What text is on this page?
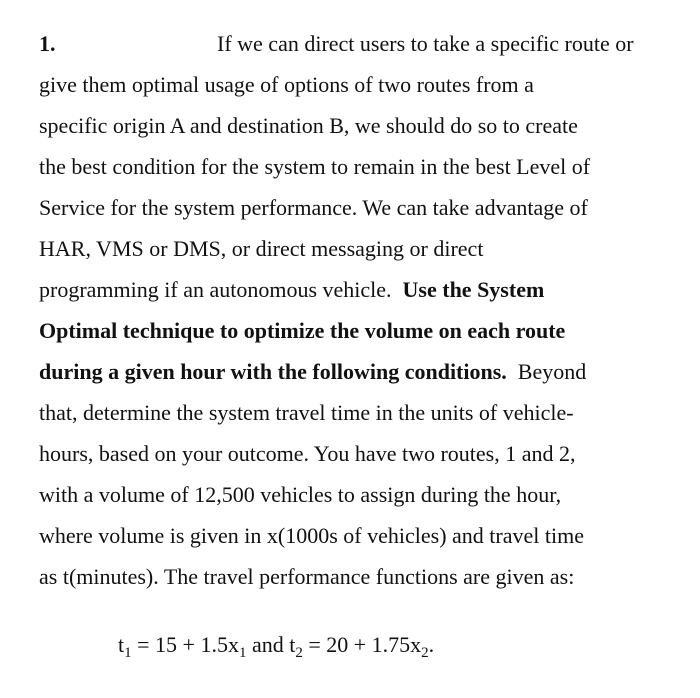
1.	If we can direct users to take a specific route or
give them optimal usage of options of two routes from a
specific origin A and destination B, we should do so to create
the best condition for the system to remain in the best Level of
Service for the system performance. We can take advantage of
HAR, VMS or DMS, or direct messaging or direct
programming if an autonomous vehicle.  Use the System
Optimal technique to optimize the volume on each route
during a given hour with the following conditions.  Beyond
that, determine the system travel time in the units of vehicle-
hours, based on your outcome. You have two routes, 1 and 2,
with a volume of 12,500 vehicles to assign during the hour,
where volume is given in x(1000s of vehicles) and travel time
as t(minutes). The travel performance functions are given as:
$t_1 = 15 + 1.5x_1$ and $t_2 = 20 + 1.75x_2$.
